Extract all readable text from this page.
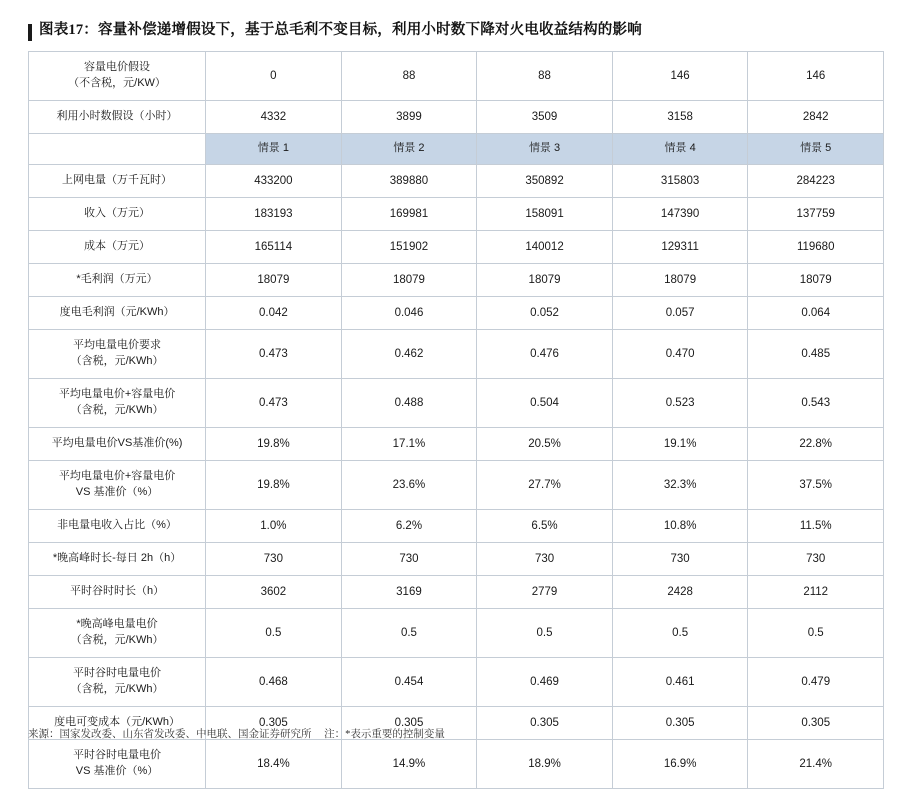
图表17：容量补偿递增假设下，基于总毛利不变目标，利用小时数下降对火电收益结构的影响
容量电价假设
（不含税，元/KW）	0	88	88	146	146

利用小时数假设（小时）	4332	3899	3509	3158	2842

	情景 1	情景 2	情景 3	情景 4	情景 5

上网电量（万千瓦时）	433200	389880	350892	315803	284223

收入（万元）	183193	169981	158091	147390	137759

成本（万元）	165114	151902	140012	129311	119680

*毛利润（万元）	18079	18079	18079	18079	18079

度电毛利润（元/KWh）	0.042	0.046	0.052	0.057	0.064

平均电量电价要求
（含税，元/KWh）	0.473	0.462	0.476	0.470	0.485

平均电量电价+容量电价
（含税，元/KWh）	0.473	0.488	0.504	0.523	0.543

平均电量电价VS基准价(%)	19.8%	17.1%	20.5%	19.1%	22.8%

平均电量电价+容量电价
VS 基准价（%）	19.8%	23.6%	27.7%	32.3%	37.5%

非电量电收入占比（%）	1.0%	6.2%	6.5%	10.8%	11.5%

*晚高峰时长-每日 2h（h）	730	730	730	730	730

平时谷时时长（h）	3602	3169	2779	2428	2112

*晚高峰电量电价
（含税，元/KWh）	0.5	0.5	0.5	0.5	0.5

平时谷时电量电价
（含税，元/KWh）	0.468	0.454	0.469	0.461	0.479

度电可变成本（元/KWh）	0.305	0.305	0.305	0.305	0.305

平时谷时电量电价
VS 基准价（%）	18.4%	14.9%	18.9%	16.9%	21.4%
来源：国家发改委、山东省发改委、中电联、国金证券研究所 注：*表示重要的控制变量
